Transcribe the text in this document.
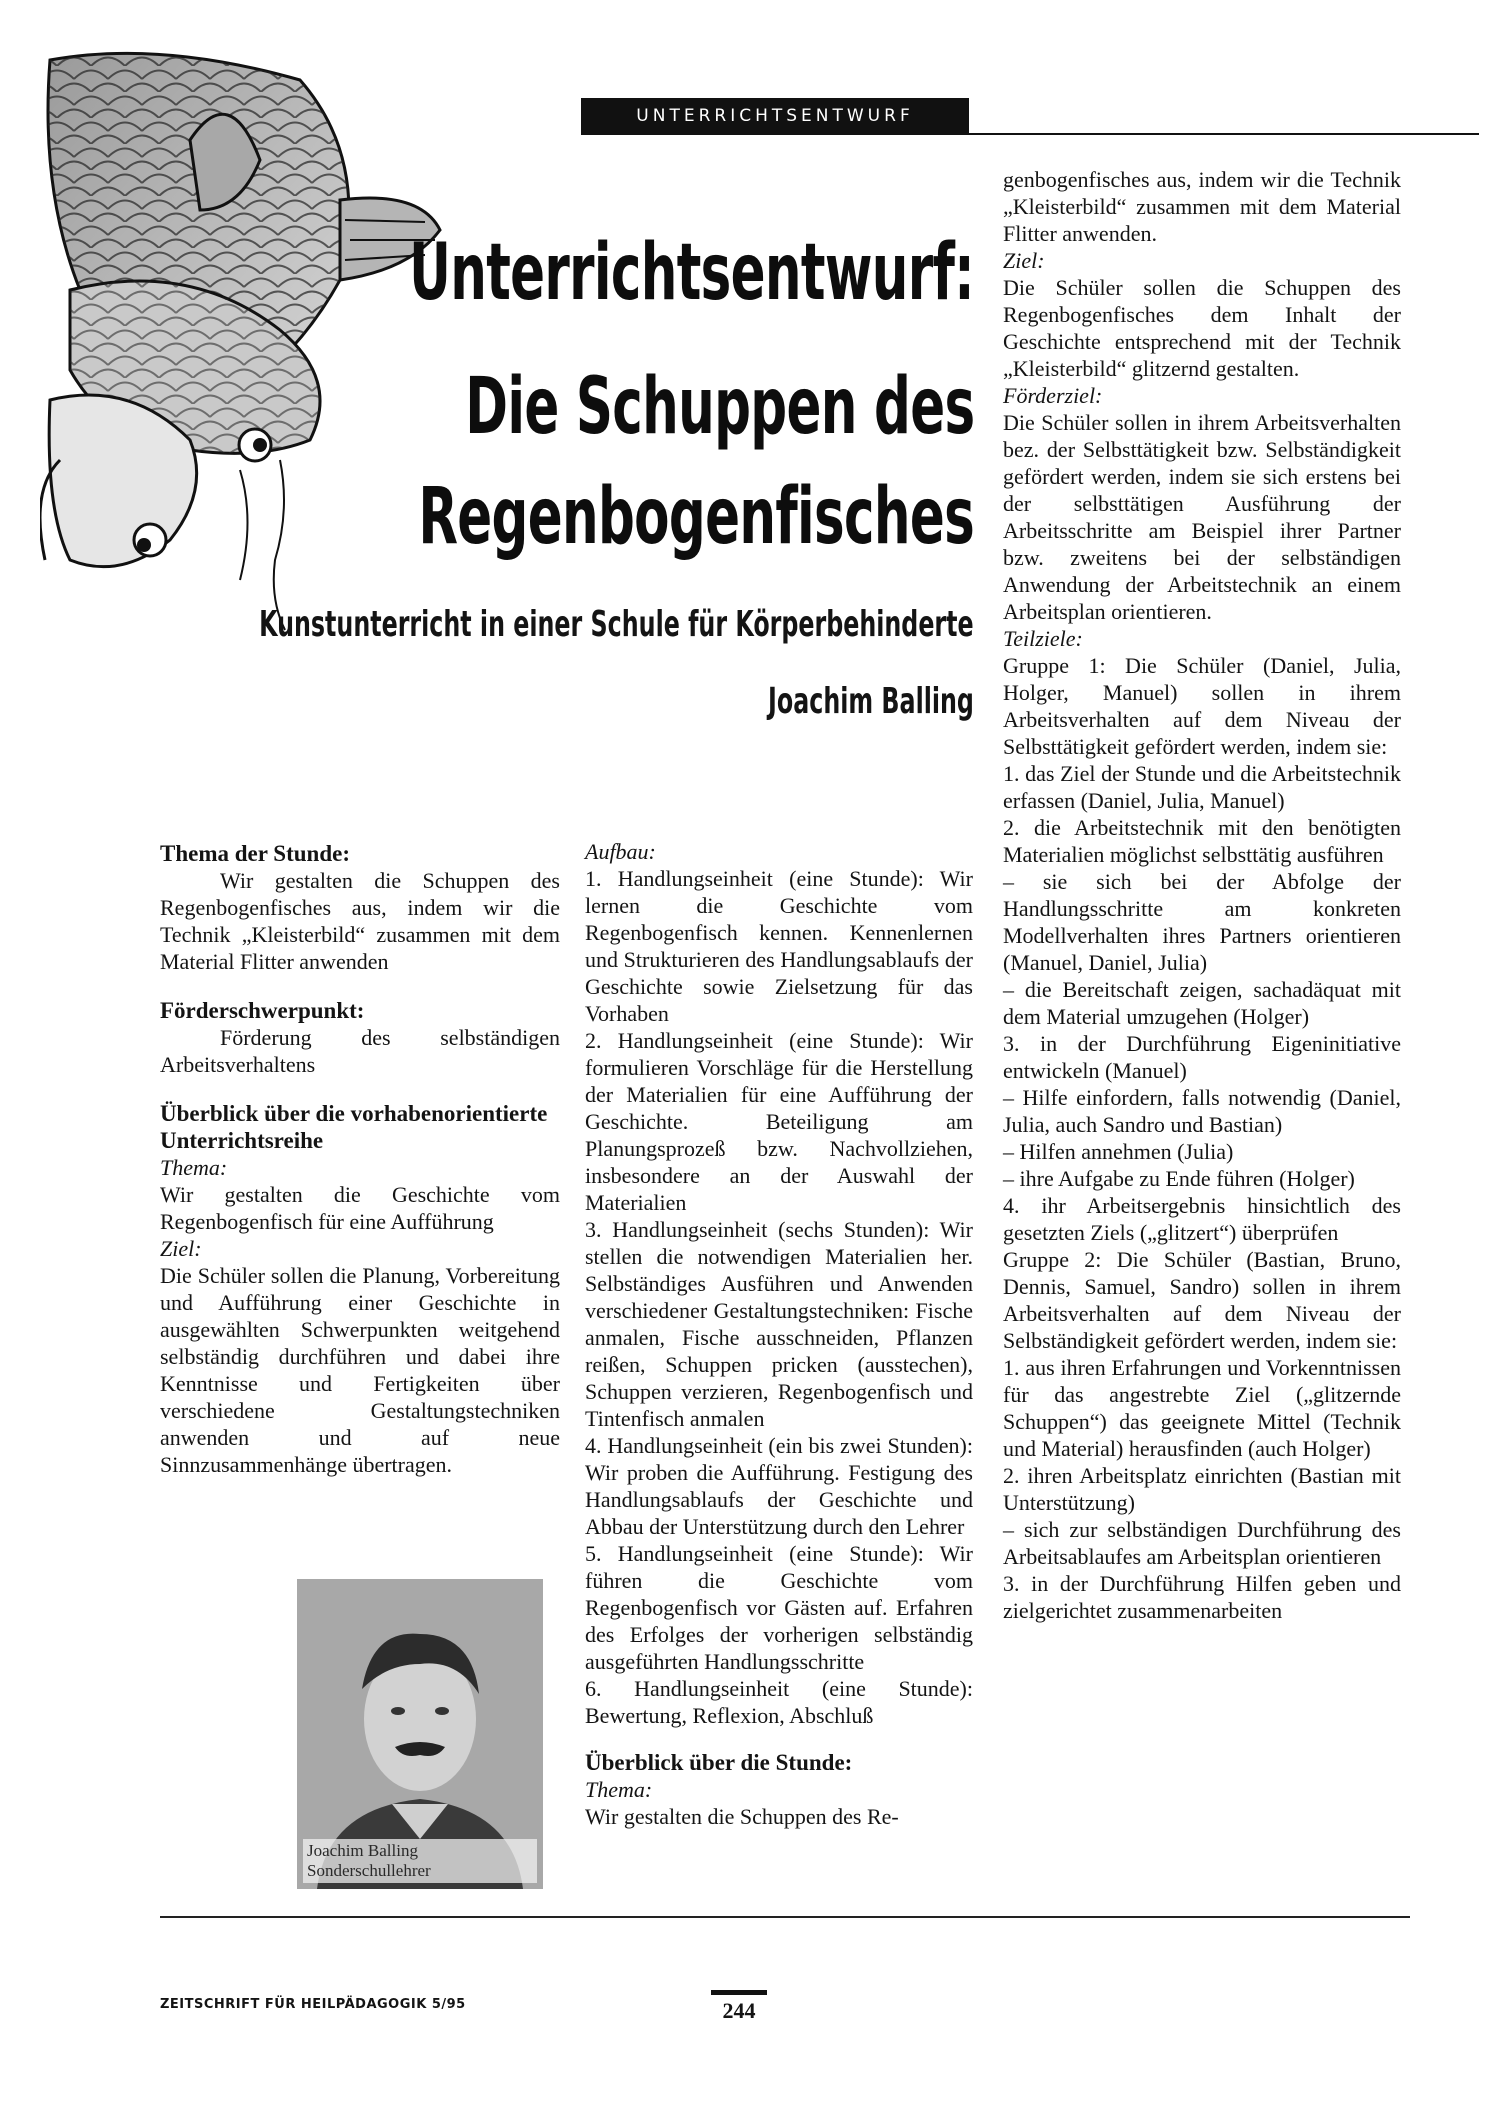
UNTERRICHTSENTWURF
Unterrichtsentwurf:
Die Schuppen des
Regenbogenfisches
Kunstunterricht in einer Schule für Körperbehinderte
Joachim Balling

Thema der Stunde:

Wir gestalten die Schuppen des Regenbogenfisches aus, indem wir die Technik „Kleisterbild“ zusammen mit dem Material Flitter anwenden

Förderschwerpunkt:

Förderung des selbständigen Arbeitsverhaltens

Überblick über die vorhabenorientierte Unterrichtsreihe

Thema:

Wir gestalten die Geschichte vom Regenbogenfisch für eine Aufführung

Ziel:

Die Schüler sollen die Planung, Vorbereitung und Aufführung einer Geschichte in ausgewählten Schwerpunkten weitgehend selbständig durchführen und dabei ihre Kenntnisse und Fertigkeiten über verschiedene Gestaltungstechniken anwenden und auf neue Sinnzusammenhänge übertragen.

Joachim Balling
Sonderschullehrer

Aufbau:

1. Handlungseinheit (eine Stunde): Wir lernen die Geschichte vom Regenbogenfisch kennen. Kennenlernen und Strukturieren des Handlungsablaufs der Geschichte sowie Zielsetzung für das Vorhaben

2. Handlungseinheit (eine Stunde): Wir formulieren Vorschläge für die Herstellung der Materialien für eine Aufführung der Geschichte. Beteiligung am Planungsprozeß bzw. Nachvollziehen, insbesondere an der Auswahl der Materialien

3. Handlungseinheit (sechs Stunden): Wir stellen die notwendigen Materialien her. Selbständiges Ausführen und Anwenden verschiedener Gestaltungstechniken: Fische anmalen, Fische ausschneiden, Pflanzen reißen, Schuppen pricken (ausstechen), Schuppen verzieren, Regenbogenfisch und Tintenfisch anmalen

4. Handlungseinheit (ein bis zwei Stunden): Wir proben die Aufführung. Festigung des Handlungsablaufs der Geschichte und Abbau der Unterstützung durch den Lehrer

5. Handlungseinheit (eine Stunde): Wir führen die Geschichte vom Regenbogenfisch vor Gästen auf. Erfahren des Erfolges der vorherigen selbständig ausgeführten Handlungsschritte

6. Handlungseinheit (eine Stunde): Bewertung, Reflexion, Abschluß

Überblick über die Stunde:

Thema:

Wir gestalten die Schuppen des Re-

genbogenfisches aus, indem wir die Technik „Kleisterbild“ zusammen mit dem Material Flitter anwenden.

Ziel:

Die Schüler sollen die Schuppen des Regenbogenfisches dem Inhalt der Geschichte entsprechend mit der Technik „Kleisterbild“ glitzernd gestalten.

Förderziel:

Die Schüler sollen in ihrem Arbeitsverhalten bez. der Selbsttätigkeit bzw. Selbständigkeit gefördert werden, indem sie sich erstens bei der selbsttätigen Ausführung der Arbeitsschritte am Beispiel ihrer Partner bzw. zweitens bei der selbständigen Anwendung der Arbeitstechnik an einem Arbeitsplan orientieren.

Teilziele:

Gruppe 1: Die Schüler (Daniel, Julia, Holger, Manuel) sollen in ihrem Arbeitsverhalten auf dem Niveau der Selbsttätigkeit gefördert werden, indem sie:

1. das Ziel der Stunde und die Arbeitstechnik erfassen (Daniel, Julia, Manuel)

2. die Arbeitstechnik mit den benötigten Materialien möglichst selbsttätig ausführen

– sie sich bei der Abfolge der Handlungsschritte am konkreten Modellverhalten ihres Partners orientieren (Manuel, Daniel, Julia)

– die Bereitschaft zeigen, sachadäquat mit dem Material umzugehen (Holger)

3. in der Durchführung Eigeninitiative entwickeln (Manuel)

– Hilfe einfordern, falls notwendig (Daniel, Julia, auch Sandro und Bastian)

– Hilfen annehmen (Julia)

– ihre Aufgabe zu Ende führen (Holger)

4. ihr Arbeitsergebnis hinsichtlich des gesetzten Ziels („glitzert“) überprüfen

Gruppe 2: Die Schüler (Bastian, Bruno, Dennis, Samuel, Sandro) sollen in ihrem Arbeitsverhalten auf dem Niveau der Selbständigkeit gefördert werden, indem sie:

1. aus ihren Erfahrungen und Vorkenntnissen für das angestrebte Ziel („glitzernde Schuppen“) das geeignete Mittel (Technik und Material) herausfinden (auch Holger)

2. ihren Arbeitsplatz einrichten (Bastian mit Unterstützung)

– sich zur selbständigen Durchführung des Arbeitsablaufes am Arbeitsplan orientieren

3. in der Durchführung Hilfen geben und zielgerichtet zusammenarbeiten

ZEITSCHRIFT FÜR HEILPÄDAGOGIK 5/95	244
